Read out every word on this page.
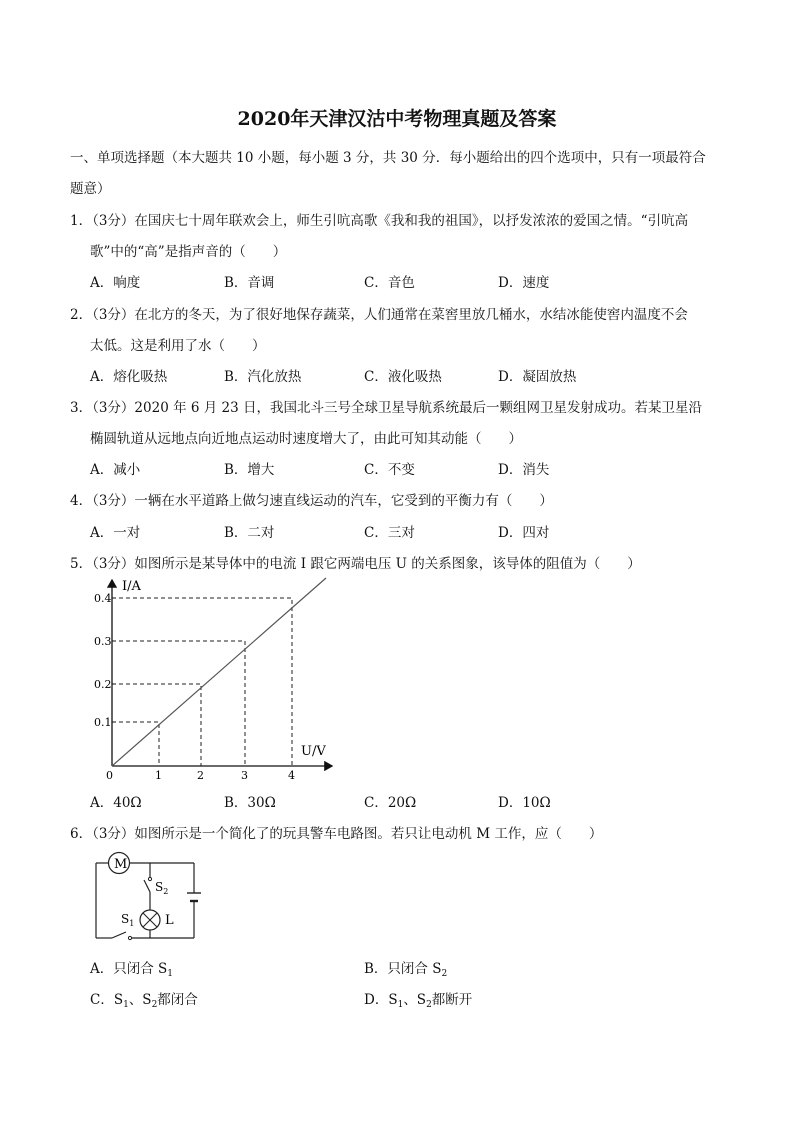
2020年天津汉沽中考物理真题及答案
一、单项选择题（本大题共 10 小题，每小题 3 分，共 30 分．每小题给出的四个选项中，只有一项最符合
题意）
1．（3分）在国庆七十周年联欢会上，师生引吭高歌《我和我的祖国》，以抒发浓浓的爱国之情。“引吭高
歌”中的“高”是指声音的（　　）
A．响度	B．音调	C．音色	D．速度
2．（3分）在北方的冬天，为了很好地保存蔬菜，人们通常在菜窖里放几桶水，水结冰能使窖内温度不会
太低。这是利用了水（　　）
A．熔化吸热	B．汽化放热	C．液化吸热	D．凝固放热
3．（3分）2020 年 6 月 23 日，我国北斗三号全球卫星导航系统最后一颗组网卫星发射成功。若某卫星沿
椭圆轨道从远地点向近地点运动时速度增大了，由此可知其动能（　　）
A．减小	B．增大	C．不变	D．消失
4．（3分）一辆在水平道路上做匀速直线运动的汽车，它受到的平衡力有（　　）
A．一对	B．二对	C．三对	D．四对
5．（3分）如图所示是某导体中的电流 I 跟它两端电压 U 的关系图象，该导体的阻值为（　　）
I/A
U/V
0	1	2	3	4
0.1
0.2
0.3
0.4
A．40Ω	B．30Ω	C．20Ω	D．10Ω
6．（3分）如图所示是一个简化了的玩具警车电路图。若只让电动机 M 工作，应（　　）
M
$S_2$
L
$S_1$
A．只闭合 $S_1$	B．只闭合 $S_2$
C．$S_1$、$S_2$都闭合	D．$S_1$、$S_2$都断开
